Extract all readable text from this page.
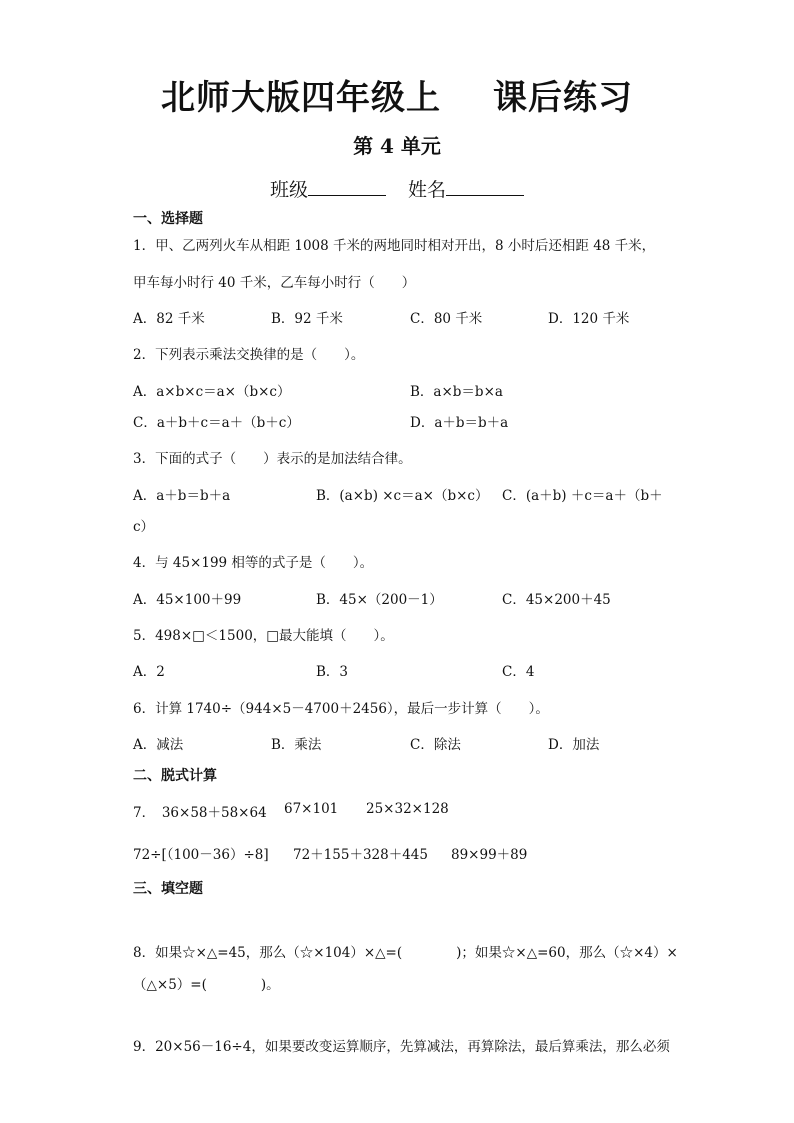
北师大版四年级上 课后练习
第 4 单元
班级	姓名
一、选择题
1．甲、乙两列火车从相距 1008 千米的两地同时相对开出，8 小时后还相距 48 千米，
甲车每小时行 40 千米，乙车每小时行（　　）
A．82 千米	B．92 千米	C．80 千米	D．120 千米
2．下列表示乘法交换律的是（　　）。
A．a×b×c＝a×（b×c）	B．a×b＝b×a
C．a＋b＋c＝a＋（b＋c）	D．a＋b＝b＋a
3．下面的式子（　　）表示的是加法结合律。
A．a＋b＝b＋a	B．(a×b) ×c＝a×（b×c） C．(a＋b) ＋c＝a＋（b＋
c）
4．与 45×199 相等的式子是（　　）。
A．45×100＋99	B．45×（200－1）	C．45×200＋45
5．498×□＜1500，□最大能填（　　）。
A．2	B．3	C．4
6．计算 1740÷（944×5－4700＋2456），最后一步计算（　　）。
A．减法	B．乘法	C．除法	D．加法
二、脱式计算
7．　36×58＋58×64 67×101 25×32×128
72÷[（100－36）÷8] 72＋155＋328＋445 89×99＋89
三、填空题
8．如果☆×△=45，那么（☆×104）×△=(　　　　)；如果☆×△=60，那么（☆×4）×
（△×5）=(　　　　)。
9．20×56－16÷4，如果要改变运算顺序，先算减法，再算除法，最后算乘法，那么必须
